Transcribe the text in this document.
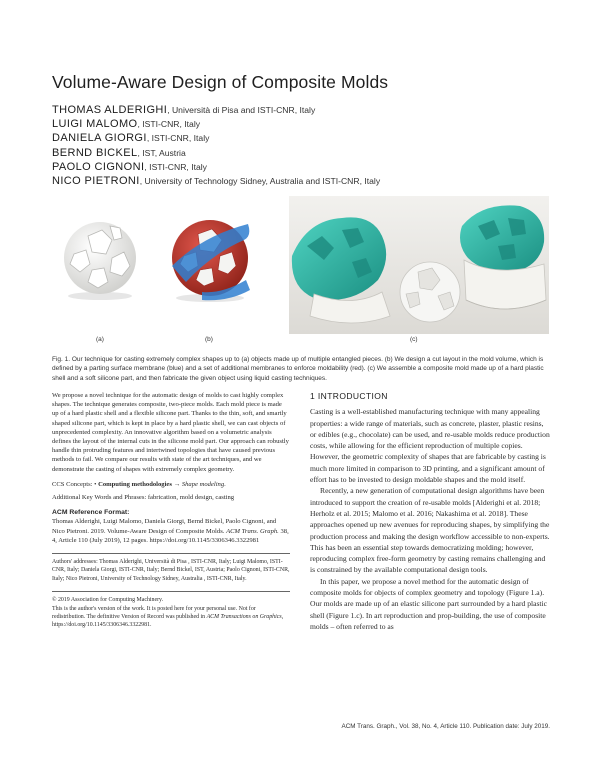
Volume-Aware Design of Composite Molds
THOMAS ALDERIGHI, Università di Pisa and ISTI-CNR, Italy
LUIGI MALOMO, ISTI-CNR, Italy
DANIELA GIORGI, ISTI-CNR, Italy
BERND BICKEL, IST, Austria
PAOLO CIGNONI, ISTI-CNR, Italy
NICO PIETRONI, University of Technology Sidney, Australia and ISTI-CNR, Italy
(a)	(b)	(c)
Fig. 1. Our technique for casting extremely complex shapes up to (a) objects made up of multiple entangled pieces. (b) We design a cut layout in the mold volume, which is defined by a parting surface membrane (blue) and a set of additional membranes to enforce moldability (red). (c) We assemble a composite mold made up of a hard plastic shell and a soft silicone part, and then fabricate the given object using liquid casting techniques.

We propose a novel technique for the automatic design of molds to cast highly complex shapes. The technique generates composite, two-piece molds. Each mold piece is made up of a hard plastic shell and a flexible silicone part. Thanks to the thin, soft, and smartly shaped silicone part, which is kept in place by a hard plastic shell, we can cast objects of unprecedented complexity. An innovative algorithm based on a volumetric analysis defines the layout of the internal cuts in the silicone mold part. Our approach can robustly handle thin protruding features and intertwined topologies that have caused previous methods to fail. We compare our results with state of the art techniques, and we demonstrate the casting of shapes with extremely complex geometry.

CCS Concepts: • Computing methodologies → Shape modeling.

Additional Key Words and Phrases: fabrication, mold design, casting

ACM Reference Format:

Thomas Alderighi, Luigi Malomo, Daniela Giorgi, Bernd Bickel, Paolo Cignoni, and Nico Pietroni. 2019. Volume-Aware Design of Composite Molds. ACM Trans. Graph. 38, 4, Article 110 (July 2019), 12 pages. https://doi.org/10.1145/3306346.3322981

Authors' addresses: Thomas Alderighi, Università di Pisa , ISTI-CNR, Italy; Luigi Malomo, ISTI-CNR, Italy; Daniela Giorgi, ISTI-CNR, Italy; Bernd Bickel, IST, Austria; Paolo Cignoni, ISTI-CNR, Italy; Nico Pietroni, University of Technology Sidney, Australia , ISTI-CNR, Italy.

© 2019 Association for Computing Machinery.

This is the author's version of the work. It is posted here for your personal use. Not for redistribution. The definitive Version of Record was published in ACM Transactions on Graphics, https://doi.org/10.1145/3306346.3322981.

1 INTRODUCTION

Casting is a well-established manufacturing technique with many appealing properties: a wide range of materials, such as concrete, plaster, plastic resins, or edibles (e.g., chocolate) can be used, and re-usable molds reduce production costs, while allowing for the efficient reproduction of multiple copies. However, the geometric complexity of shapes that are fabricable by casting is much more limited in comparison to 3D printing, and a significant amount of effort has to be invested to design moldable shapes and the mold itself.

Recently, a new generation of computational design algorithms have been introduced to support the creation of re-usable molds [Alderighi et al. 2018; Herholz et al. 2015; Malomo et al. 2016; Nakashima et al. 2018]. These approaches opened up new avenues for reproducing shapes, by simplifying the production process and making the design workflow accessible to non-experts. This has been an essential step towards democratizing molding; however, reproducing complex free-form geometry by casting remains challenging and is constrained by the available computational design tools.

In this paper, we propose a novel method for the automatic design of composite molds for objects of complex geometry and topology (Figure 1.a). Our molds are made up of an elastic silicone part surrounded by a hard plastic shell (Figure 1.c). In art reproduction and prop-building, the use of composite molds – often referred to as

ACM Trans. Graph., Vol. 38, No. 4, Article 110. Publication date: July 2019.
